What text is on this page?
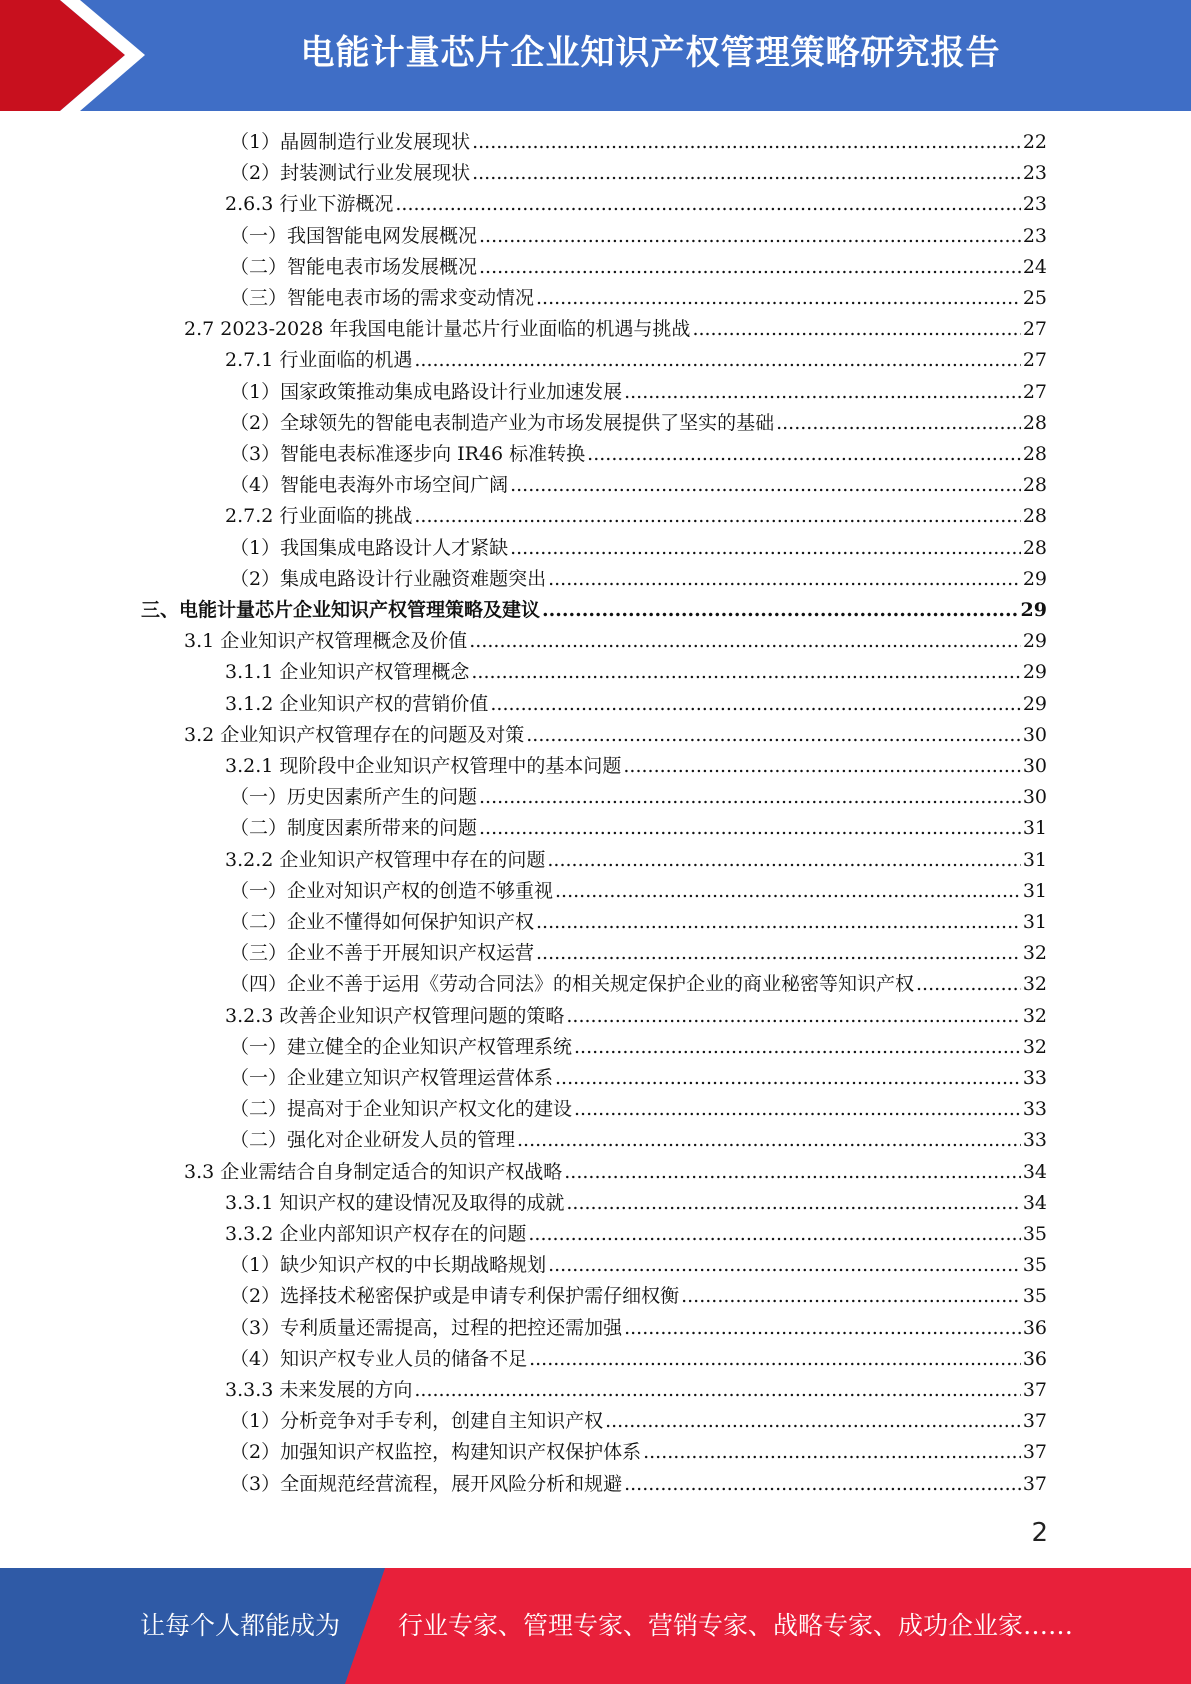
电能计量芯片企业知识产权管理策略研究报告
（1）晶圆制造行业发展现状 .....	22
（2）封装测试行业发展现状 .....	23
2.6.3 行业下游概况 .....	23
（一）我国智能电网发展概况 .....	23
（二）智能电表市场发展概况 .....	24
（三）智能电表市场的需求变动情况 .....	25
2.7 2023-2028 年我国电能计量芯片行业面临的机遇与挑战 .....	27
2.7.1 行业面临的机遇 .....	27
（1）国家政策推动集成电路设计行业加速发展 .....	27
（2）全球领先的智能电表制造产业为市场发展提供了坚实的基础 .....	28
（3）智能电表标准逐步向 IR46 标准转换 .....	28
（4）智能电表海外市场空间广阔 .....	28
2.7.2 行业面临的挑战 .....	28
（1）我国集成电路设计人才紧缺 .....	28
（2）集成电路设计行业融资难题突出 .....	29
三、电能计量芯片企业知识产权管理策略及建议 .....	29
3.1 企业知识产权管理概念及价值 .....	29
3.1.1 企业知识产权管理概念 .....	29
3.1.2 企业知识产权的营销价值 .....	29
3.2 企业知识产权管理存在的问题及对策 .....	30
3.2.1 现阶段中企业知识产权管理中的基本问题 .....	30
（一）历史因素所产生的问题 .....	30
（二）制度因素所带来的问题 .....	31
3.2.2 企业知识产权管理中存在的问题 .....	31
（一）企业对知识产权的创造不够重视 .....	31
（二）企业不懂得如何保护知识产权 .....	31
（三）企业不善于开展知识产权运营 .....	32
（四）企业不善于运用《劳动合同法》的相关规定保护企业的商业秘密等知识产权 .....	32
3.2.3 改善企业知识产权管理问题的策略 .....	32
（一）建立健全的企业知识产权管理系统 .....	32
（一）企业建立知识产权管理运营体系 .....	33
（二）提高对于企业知识产权文化的建设 .....	33
（二）强化对企业研发人员的管理 .....	33
3.3 企业需结合自身制定适合的知识产权战略 .....	34
3.3.1 知识产权的建设情况及取得的成就 .....	34
3.3.2 企业内部知识产权存在的问题 .....	35
（1）缺少知识产权的中长期战略规划 .....	35
（2）选择技术秘密保护或是申请专利保护需仔细权衡 .....	35
（3）专利质量还需提高，过程的把控还需加强 .....	36
（4）知识产权专业人员的储备不足 .....	36
3.3.3 未来发展的方向 .....	37
（1）分析竞争对手专利，创建自主知识产权 .....	37
（2）加强知识产权监控，构建知识产权保护体系 .....	37
（3）全面规范经营流程，展开风险分析和规避 .....	37
2
让每个人都能成为 行业专家、管理专家、营销专家、战略专家、成功企业家……
